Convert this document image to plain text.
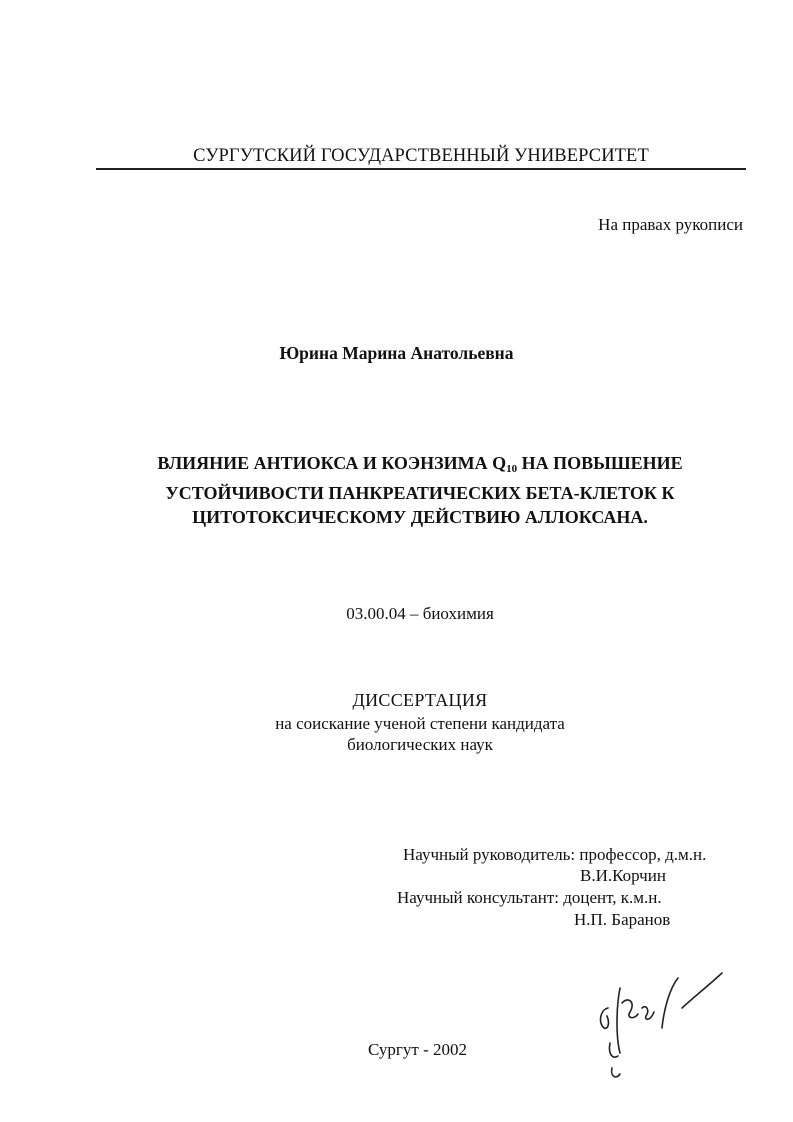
СУРГУТСКИЙ ГОСУДАРСТВЕННЫЙ УНИВЕРСИТЕТ
На правах рукописи
Юрина Марина Анатольевна
ВЛИЯНИЕ АНТИОКСА И КОЭНЗИМА $Q_{10}$ НА ПОВЫШЕНИЕ
УСТОЙЧИВОСТИ ПАНКРЕАТИЧЕСКИХ БЕТА-КЛЕТОК К
ЦИТОТОКСИЧЕСКОМУ ДЕЙСТВИЮ АЛЛОКСАНА.
03.00.04 – биохимия
ДИССЕРТАЦИЯ
на соискание ученой степени кандидата
биологических наук
Научный руководитель: профессор, д.м.н.
В.И.Корчин
Научный консультант: доцент, к.м.н.
Н.П. Баранов
Сургут - 2002
